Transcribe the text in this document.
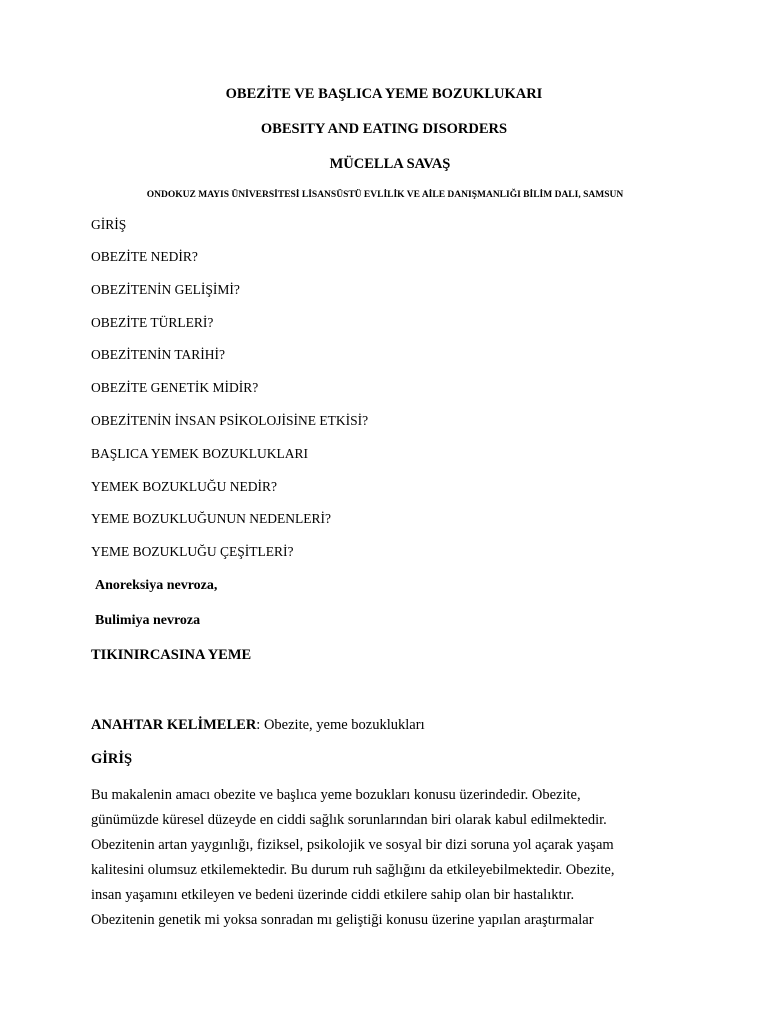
OBEZİTE VE BAŞLICA YEME BOZUKLUKARI

OBESITY AND EATING DISORDERS

MÜCELLA SAVAŞ

ONDOKUZ MAYIS ÜNİVERSİTESİ LİSANSÜSTÜ EVLİLİK VE AİLE DANIŞMANLIĞI BİLİM DALI, SAMSUN

GİRİŞ

OBEZİTE NEDİR?

OBEZİTENİN GELİŞİMİ?

OBEZİTE TÜRLERİ?

OBEZİTENİN TARİHİ?

OBEZİTE GENETİK MİDİR?

OBEZİTENİN İNSAN PSİKOLOJİSİNE ETKİSİ?

BAŞLICA YEMEK BOZUKLUKLARI

YEMEK BOZUKLUĞU NEDİR?

YEME BOZUKLUĞUNUN NEDENLERİ?

YEME BOZUKLUĞU ÇEŞİTLERİ?

Anoreksiya nevroza,

Bulimiya nevroza

TIKINIRCASINA YEME

ANAHTAR KELİMELER: Obezite, yeme bozuklukları

GİRİŞ

Bu makalenin amacı obezite ve başlıca yeme bozukları konusu üzerindedir. Obezite,

günümüzde küresel düzeyde en ciddi sağlık sorunlarından biri olarak kabul edilmektedir.

Obezitenin artan yaygınlığı, fiziksel, psikolojik ve sosyal bir dizi soruna yol açarak yaşam

kalitesini olumsuz etkilemektedir. Bu durum ruh sağlığını da etkileyebilmektedir. Obezite,

insan yaşamını etkileyen ve bedeni üzerinde ciddi etkilere sahip olan bir hastalıktır.

Obezitenin genetik mi yoksa sonradan mı geliştiği konusu üzerine yapılan araştırmalar
